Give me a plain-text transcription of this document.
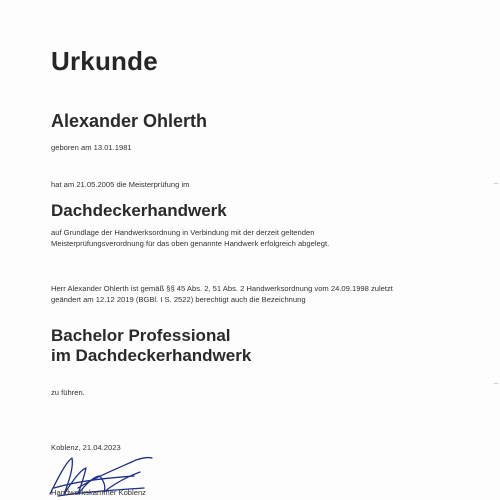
Urkunde
Alexander Ohlerth
geboren am 13.01.1981
hat am 21.05.2005 die Meisterprüfung im
Dachdeckerhandwerk
auf Grundlage der Handwerksordnung in Verbindung mit der derzeit geltenden
Meisterprüfungsverordnung für das oben genannte Handwerk erfolgreich abgelegt.
Herr Alexander Ohlerth ist gemäß §§ 45 Abs. 2, 51 Abs. 2 Handwerksordnung vom 24.09.1998 zuletzt
geändert am 12.12 2019 (BGBl. I S. 2522) berechtigt auch die Bezeichnung
Bachelor Professional
im Dachdeckerhandwerk
zu führen.
Koblenz, 21.04.2023
Handwerkskammer Koblenz
